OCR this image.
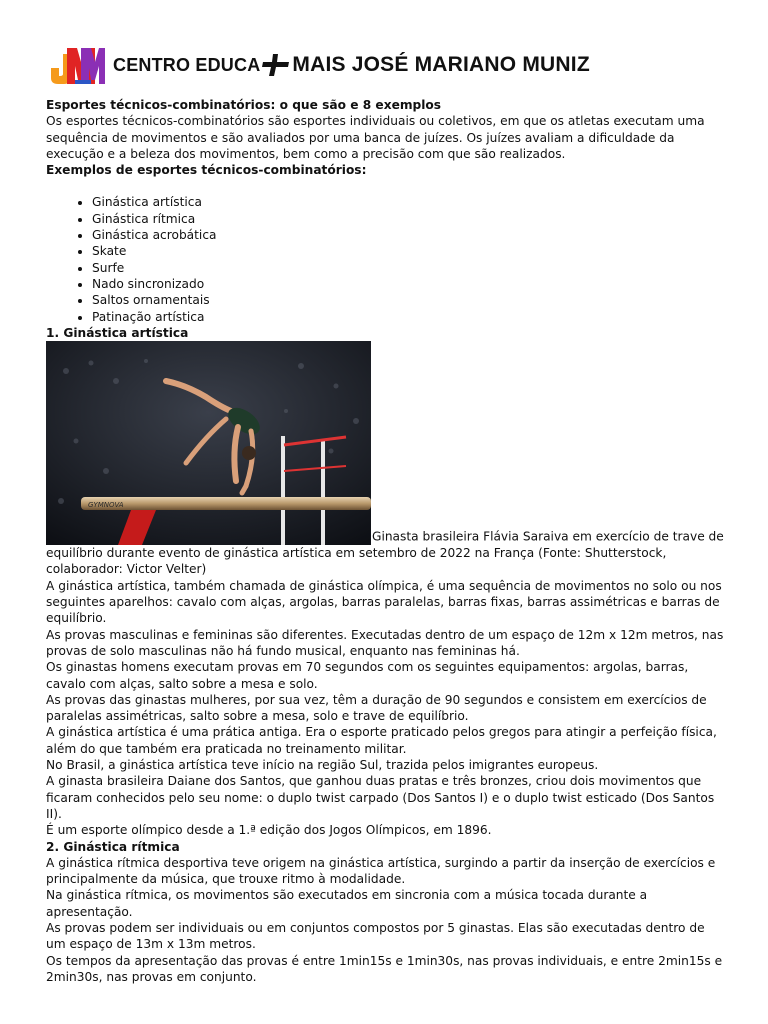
CENTRO EDUCA MAIS JOSÉ MARIANO MUNIZ

Esportes técnicos-combinatórios: o que são e 8 exemplos

Os esportes técnicos-combinatórios são esportes individuais ou coletivos, em que os atletas executam uma sequência de movimentos e são avaliados por uma banca de juízes. Os juízes avaliam a dificuldade da execução e a beleza dos movimentos, bem como a precisão com que são realizados.

Exemplos de esportes técnicos-combinatórios:

• Ginástica artística
• Ginástica rítmica
• Ginástica acrobática
• Skate
• Surfe
• Nado sincronizado
• Saltos ornamentais
• Patinação artística

1. Ginástica artística

GYMNOVA
Ginasta brasileira Flávia Saraiva em exercício de trave de equilíbrio durante evento de ginástica artística em setembro de 2022 na França (Fonte: Shutterstock, colaborador: Victor Velter)

A ginástica artística, também chamada de ginástica olímpica, é uma sequência de movimentos no solo ou nos seguintes aparelhos: cavalo com alças, argolas, barras paralelas, barras fixas, barras assimétricas e barras de equilíbrio.

As provas masculinas e femininas são diferentes. Executadas dentro de um espaço de 12m x 12m metros, nas provas de solo masculinas não há fundo musical, enquanto nas femininas há.

Os ginastas homens executam provas em 70 segundos com os seguintes equipamentos: argolas, barras, cavalo com alças, salto sobre a mesa e solo.

As provas das ginastas mulheres, por sua vez, têm a duração de 90 segundos e consistem em exercícios de paralelas assimétricas, salto sobre a mesa, solo e trave de equilíbrio.

A ginástica artística é uma prática antiga. Era o esporte praticado pelos gregos para atingir a perfeição física, além do que também era praticada no treinamento militar.

No Brasil, a ginástica artística teve início na região Sul, trazida pelos imigrantes europeus.

A ginasta brasileira Daiane dos Santos, que ganhou duas pratas e três bronzes, criou dois movimentos que ficaram conhecidos pelo seu nome: o duplo twist carpado (Dos Santos I) e o duplo twist esticado (Dos Santos II).

É um esporte olímpico desde a 1.ª edição dos Jogos Olímpicos, em 1896.

2. Ginástica rítmica

A ginástica rítmica desportiva teve origem na ginástica artística, surgindo a partir da inserção de exercícios e principalmente da música, que trouxe ritmo à modalidade.

Na ginástica rítmica, os movimentos são executados em sincronia com a música tocada durante a apresentação.

As provas podem ser individuais ou em conjuntos compostos por 5 ginastas. Elas são executadas dentro de um espaço de 13m x 13m metros.

Os tempos da apresentação das provas é entre 1min15s e 1min30s, nas provas individuais, e entre 2min15s e 2min30s, nas provas em conjunto.
